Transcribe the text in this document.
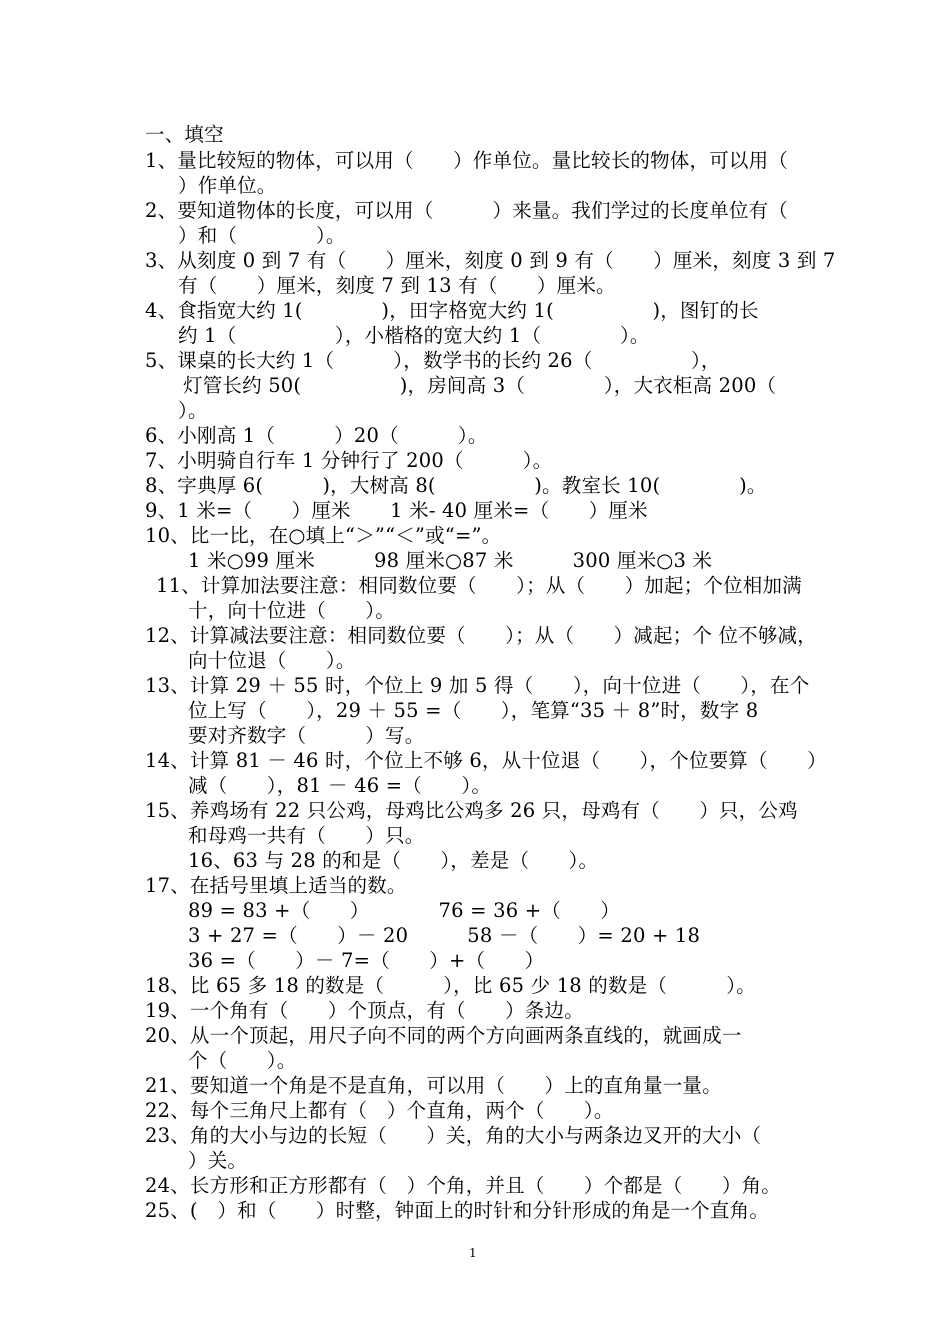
一、填空
1、量比较短的物体，可以用（　　）作单位。量比较长的物体，可以用（
）作单位。
2、要知道物体的长度，可以用（　　　）来量。我们学过的长度单位有（
）和（　　　　）。
3、从刻度 0 到 7 有（　　）厘米，刻度 0 到 9 有（　　）厘米，刻度 3 到 7
有（　　）厘米，刻度 7 到 13 有（　　）厘米。
4、食指宽大约 1(　　　　)，田字格宽大约 1(　　　　　)，图钉的长
约 1（　　　　　），小楷格的宽大约 1（　　　　）。
5、课桌的长大约 1（　　　），数学书的长约 26（　　　　　），
灯管长约 50(　　　　　)，房间高 3（　　　　），大衣柜高 200（
）。
6、小刚高 1（　　　）20（　　　）。
7、小明骑自行车 1 分钟行了 200（　　　）。
8、字典厚 6(　　　)，大树高 8(　　　　　)。教室长 10(　　　　)。
9、1 米=（　　）厘米　　1 米- 40 厘米=（　　）厘米
10、比一比，在○填上“＞”“＜”或“=”。
1 米○99 厘米　　　98 厘米○87 米　　　300 厘米○3 米
11、计算加法要注意：相同数位要（　　）；从（　　）加起；个位相加满
十，向十位进（　　）。
12、计算减法要注意：相同数位要（　　）；从（　　）减起；个 位不够减，
向十位退（　　）。
13、计算 29 ＋ 55 时，个位上 9 加 5 得（　　），向十位进（　　），在个
位上写（　　），29 ＋ 55 =（　　），笔算“35 ＋ 8”时，数字 8
要对齐数字（　　　）写。
14、计算 81 － 46 时，个位上不够 6，从十位退（　　），个位要算（　　）
减（　　），81 － 46 =（　　）。
15、养鸡场有 22 只公鸡，母鸡比公鸡多 26 只，母鸡有（　　）只，公鸡
和母鸡一共有（　　）只。
16、63 与 28 的和是（　　），差是（　　）。
17、在括号里填上适当的数。
89 = 83 +（　　）　　　　76 = 36 +（　　）
3 + 27 =（　　）－ 20　　　58 －（　　）= 20 + 18
36 =（　　）－ 7=（　　）+（　　）
18、比 65 多 18 的数是（　　　），比 65 少 18 的数是（　　　）。
19、一个角有（　　）个顶点，有（　　）条边。
20、从一个顶起，用尺子向不同的两个方向画两条直线的，就画成一
个（　　）。
21、要知道一个角是不是直角，可以用（　　）上的直角量一量。
22、每个三角尺上都有（　）个直角，两个（　　）。
23、角的大小与边的长短（　　）关，角的大小与两条边叉开的大小（
）关。
24、长方形和正方形都有（　）个角，并且（　　）个都是（　　）角。
25、(　）和（　　）时整，钟面上的时针和分针形成的角是一个直角。
1
